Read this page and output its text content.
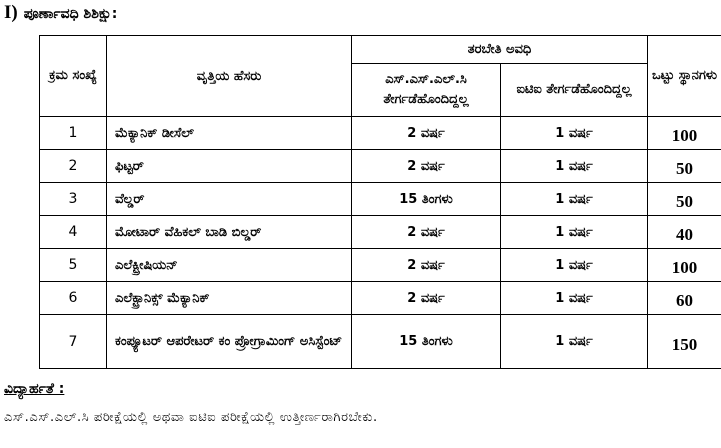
I) ಪೂರ್ಣಾವಧಿ ಶಿಶಿಕ್ಷು:
ಕ್ರಮ ಸಂಖ್ಯೆ	ವೃತ್ತಿಯ ಹೆಸರು	ತರಬೇತಿ ಅವಧಿ		ಒಟ್ಟು ಸ್ಥಾನಗಳು
		ಎಸ್.ಎಸ್.ಎಲ್.ಸಿ ತೇರ್ಗಡೆಹೊಂದಿದ್ದಲ್ಲ	ಐಟಿಐ ತೇರ್ಗಡೆಹೊಂದಿದ್ದಲ್ಲ	
1	ಮೆಕ್ಯಾನಿಕ್ ಡೀಸೆಲ್	2 ವರ್ಷ	1 ವರ್ಷ	100
2	ಫಿಟ್ಟರ್	2 ವರ್ಷ	1 ವರ್ಷ	50
3	ವೆಲ್ಡರ್	15 ತಿಂಗಳು	1 ವರ್ಷ	50
4	ಮೋಟಾರ್ ವೆಹಿಕಲ್ ಬಾಡಿ ಬಿಲ್ಡರ್	2 ವರ್ಷ	1 ವರ್ಷ	40
5	ಎಲೆಕ್ಟ್ರೀಷಿಯನ್	2 ವರ್ಷ	1 ವರ್ಷ	100
6	ಎಲೆಕ್ಟ್ರಾನಿಕ್ಸ್ ಮೆಕ್ಯಾನಿಕ್	2 ವರ್ಷ	1 ವರ್ಷ	60
7	ಕಂಪ್ಯೂಟರ್ ಆಪರೇಟರ್ ಕಂ ಪ್ರೋಗ್ರಾಮಿಂಗ್ ಅಸಿಸ್ಟೆಂಟ್	15 ತಿಂಗಳು	1 ವರ್ಷ	150
ವಿದ್ಯಾರ್ಹತೆ :
ಎಸ್.ಎಸ್.ಎಲ್.ಸಿ ಪರೀಕ್ಷೆಯಲ್ಲಿ ಅಥವಾ ಐಟಿಐ ಪರೀಕ್ಷೆಯಲ್ಲಿ ಉತ್ತೀರ್ಣರಾಗಿರಬೇಕು.
